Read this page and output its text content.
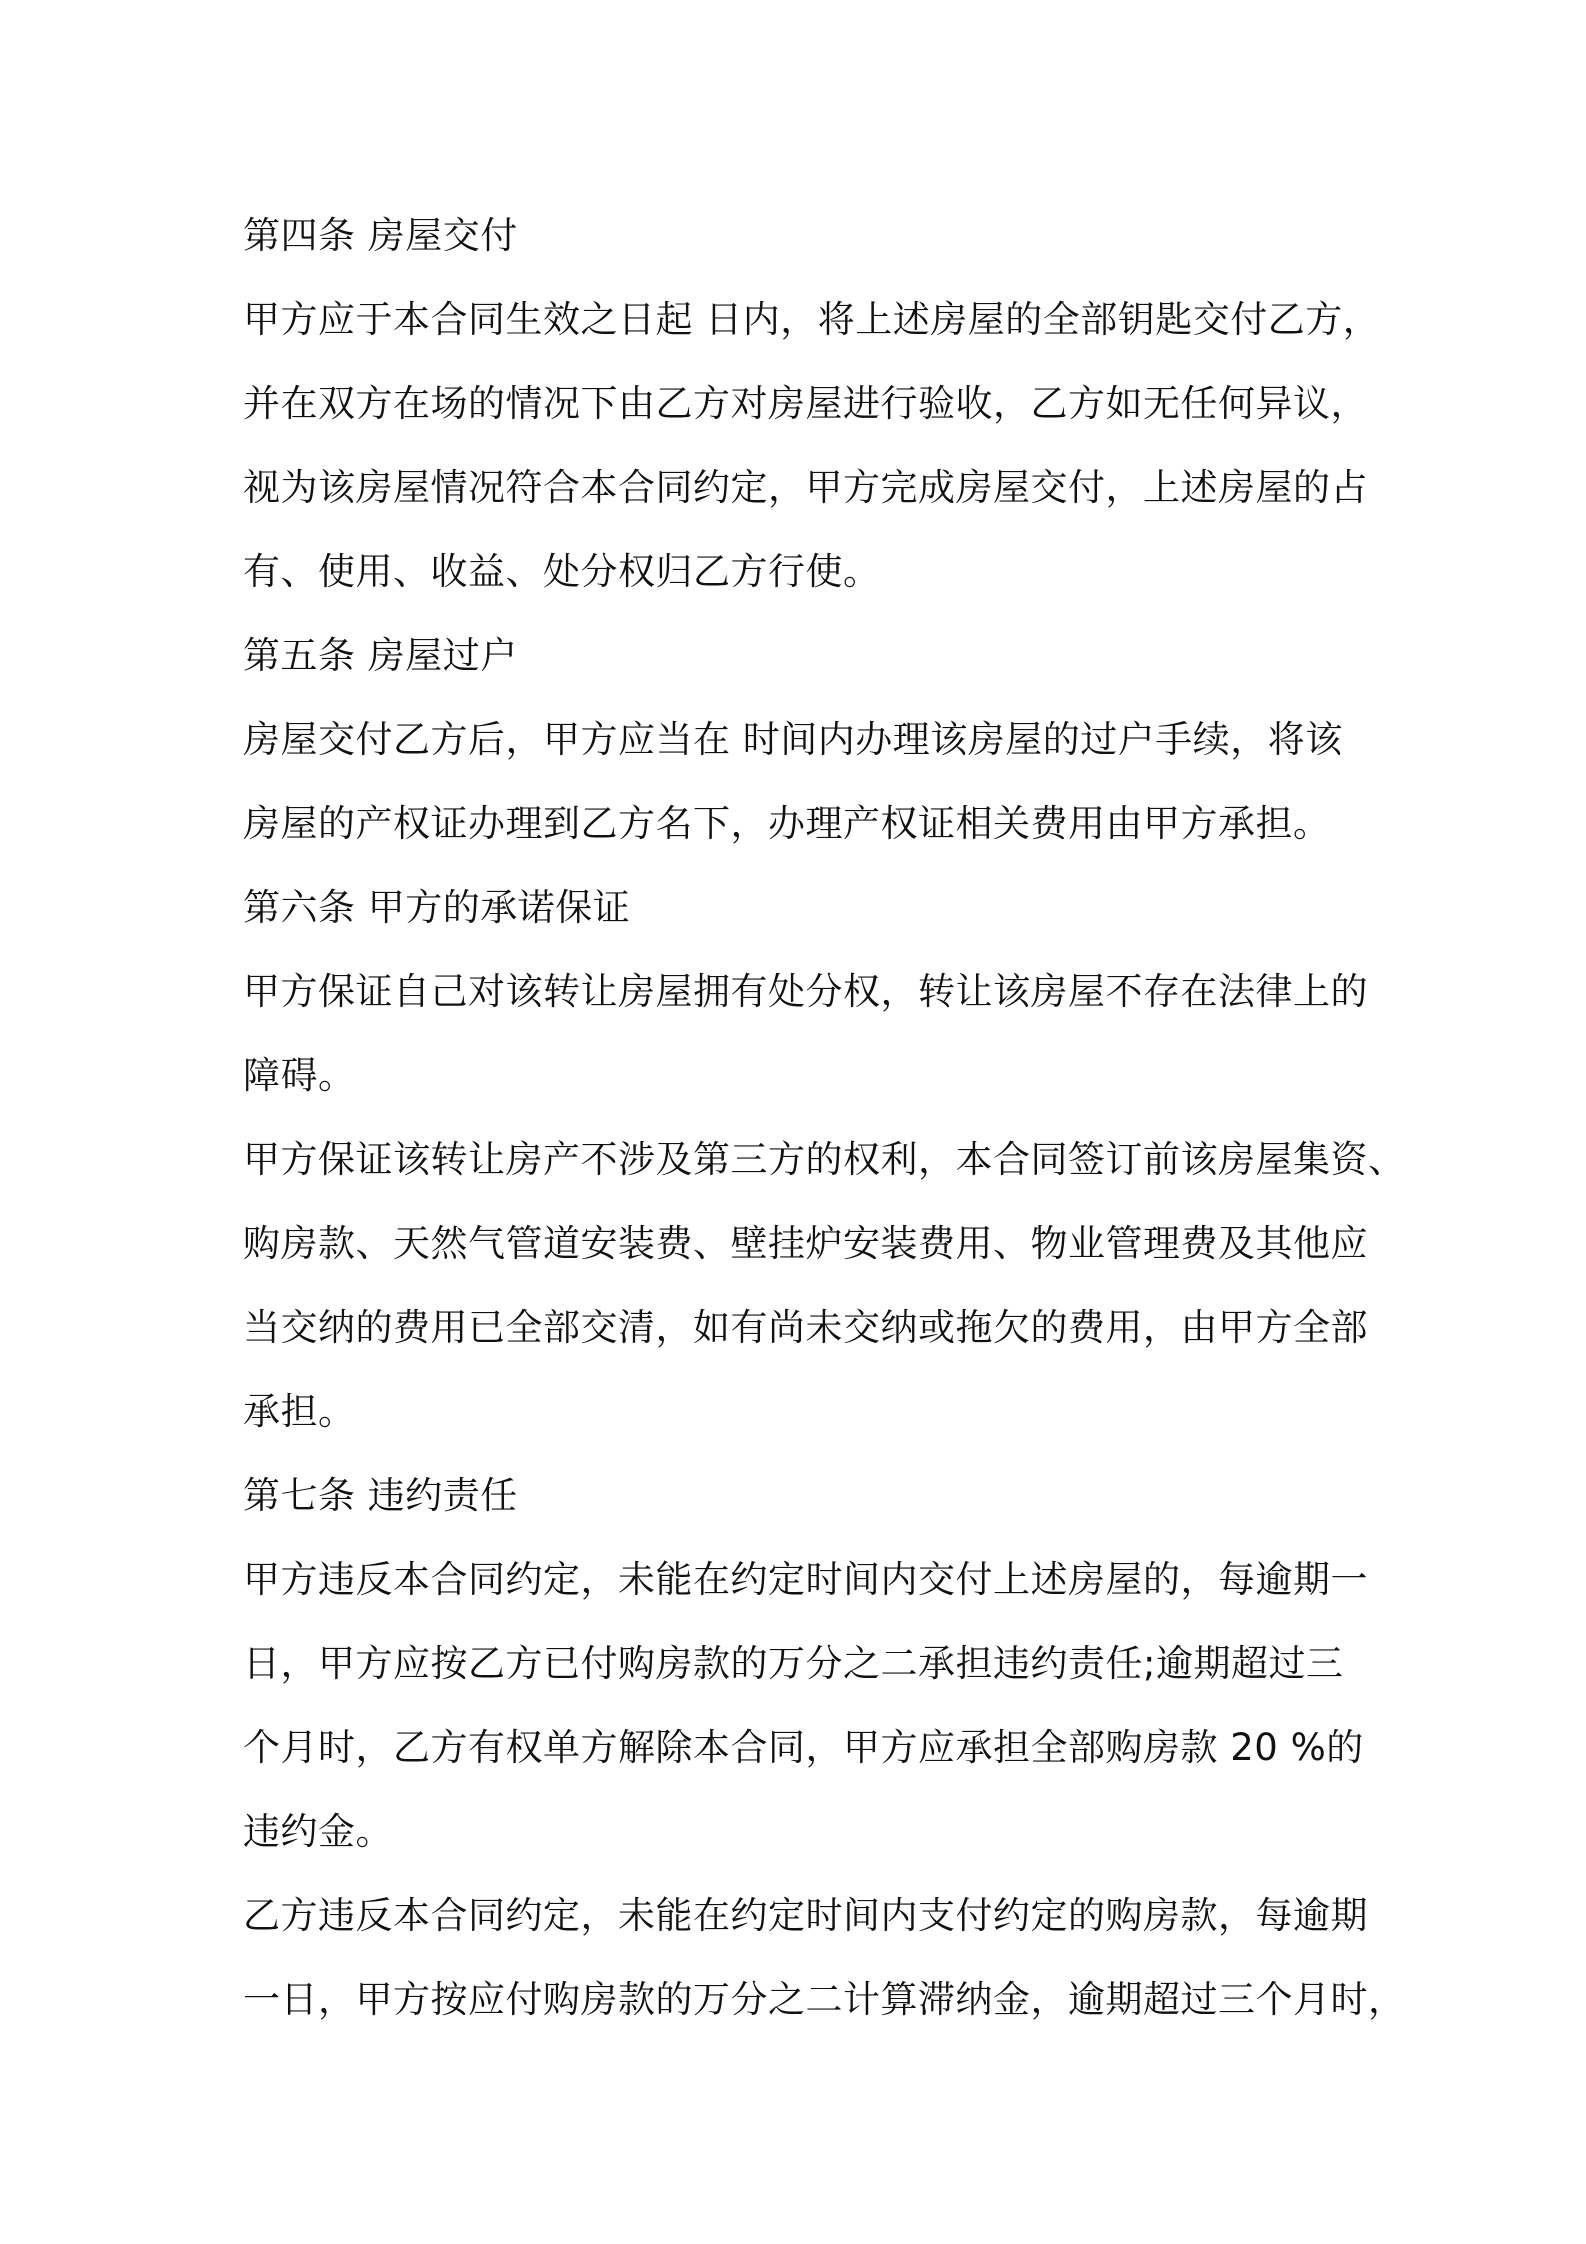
第四条 房屋交付
甲方应于本合同生效之日起 日内，将上述房屋的全部钥匙交付乙方，
并在双方在场的情况下由乙方对房屋进行验收，乙方如无任何异议，
视为该房屋情况符合本合同约定，甲方完成房屋交付，上述房屋的占
有、使用、收益、处分权归乙方行使。
第五条 房屋过户
房屋交付乙方后，甲方应当在 时间内办理该房屋的过户手续，将该
房屋的产权证办理到乙方名下，办理产权证相关费用由甲方承担。
第六条 甲方的承诺保证
甲方保证自己对该转让房屋拥有处分权，转让该房屋不存在法律上的
障碍。
甲方保证该转让房产不涉及第三方的权利，本合同签订前该房屋集资、
购房款、天然气管道安装费、壁挂炉安装费用、物业管理费及其他应
当交纳的费用已全部交清，如有尚未交纳或拖欠的费用，由甲方全部
承担。
第七条 违约责任
甲方违反本合同约定，未能在约定时间内交付上述房屋的，每逾期一
日，甲方应按乙方已付购房款的万分之二承担违约责任;逾期超过三
个月时，乙方有权单方解除本合同，甲方应承担全部购房款 20 %的
违约金。
乙方违反本合同约定，未能在约定时间内支付约定的购房款，每逾期
一日，甲方按应付购房款的万分之二计算滞纳金，逾期超过三个月时，
